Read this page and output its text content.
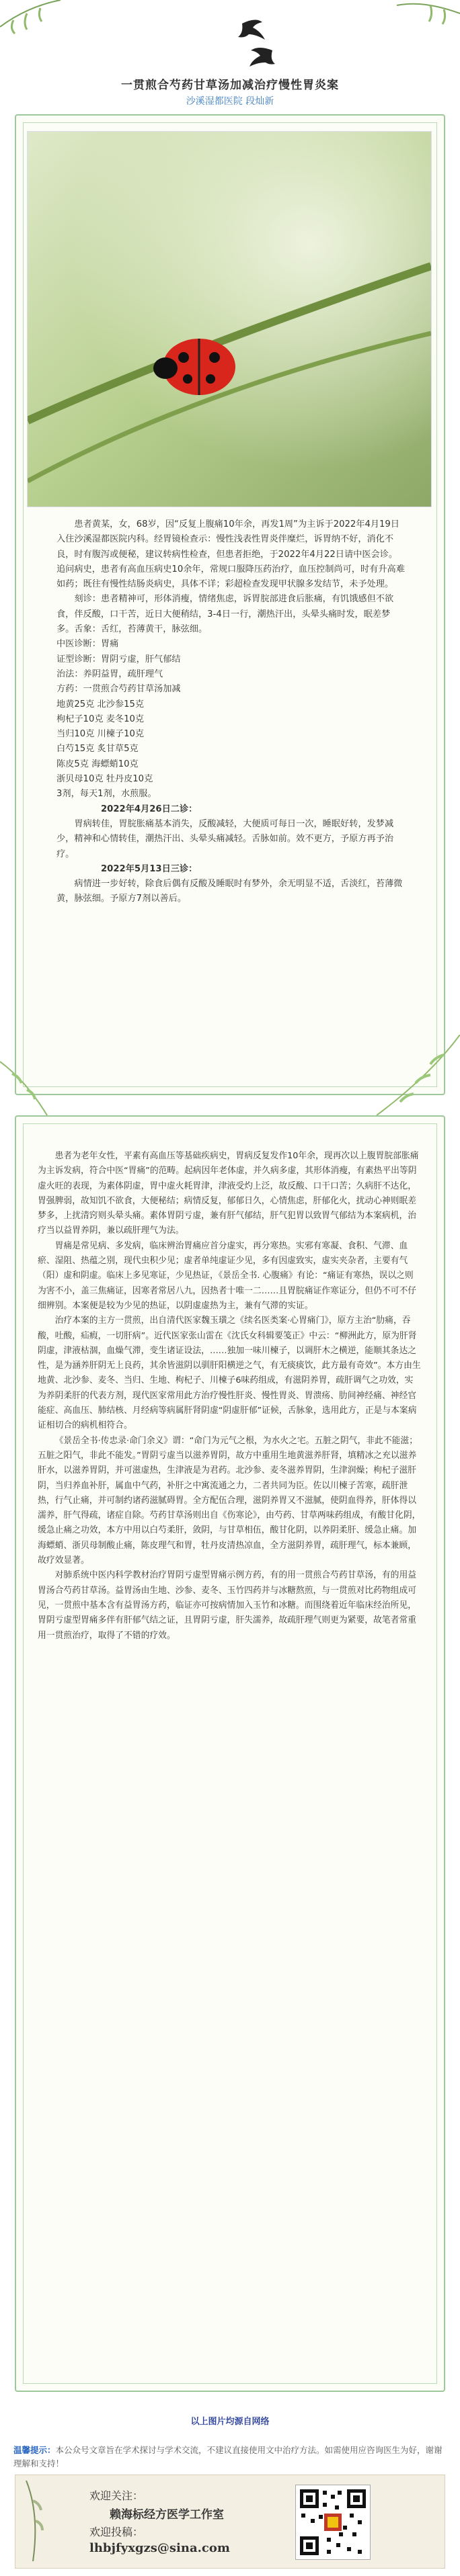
一贯煎合芍药甘草汤加减治疗慢性胃炎案
沙溪湿都医院 段灿新

患者黄某，女，68岁，因“反复上腹痛10年余，再发1周”为主诉于2022年4月19日入住沙溪湿都医院内科。经胃镜检查示：慢性浅表性胃炎伴糜烂，诉胃纳不好，消化不良，时有腹泻或便秘，建议转病性检查，但患者拒绝，于2022年4月22日请中医会诊。追问病史，患者有高血压病史10余年，常规口服降压药治疗，血压控制尚可，时有升高难如药；既往有慢性结肠炎病史，具体不详；彩超检查发现甲状腺多发结节，未予处理。

刻诊：患者精神可，形体消瘦，情绪焦虑，诉胃脘部进食后胀痛，有饥饿感但不欲食，伴反酸，口干苦，近日大便稍结，3-4日一行，潮热汗出，头晕头痛时发，眠差梦多。舌象：舌红，苔薄黄干，脉弦细。

中医诊断：胃痛

证型诊断：胃阴亏虚，肝气郁结

治法：养阴益胃，疏肝理气

方药：一贯煎合芍药甘草汤加减

地黄25克 北沙参15克

枸杞子10克 麦冬10克

当归10克 川楝子10克

白芍15克 炙甘草5克

陈皮5克 海螵蛸10克

浙贝母10克 牡丹皮10克

3剂，每天1剂，水煎服。

2022年4月26日二诊：

胃病转佳，胃脘胀痛基本消失，反酸减轻，大便质可每日一次，睡眠好转，发梦减少，精神和心情转佳，潮热汗出、头晕头痛减轻。舌脉如前。效不更方，予原方再予治疗。

2022年5月13日三诊：

病情进一步好转，除食后偶有反酸及睡眠时有梦外，余无明显不适，舌淡红，苔薄微黄，脉弦细。予原方7剂以善后。

患者为老年女性，平素有高血压等基础疾病史，胃病反复发作10年余，现再次以上腹胃脘部胀痛为主诉发病，符合中医“胃痛”的范畴。起病因年老体虚，并久病多虚，其形体消瘦，有素热平出等阴虚火旺的表现，为素体阴虚，胃中虚火耗胃津，津液受灼上泛，故反酸、口干口苦；久病肝不达化，胃强脾弱，故知饥不欲食，大便秘结；病情反复，郁郁日久，心情焦虑，肝郁化火，扰动心神则眠差梦多，上扰清窍则头晕头痛。素体胃阴亏虚，兼有肝气郁结，肝气犯胃以致胃气郁结为本案病机，治疗当以益胃养阴，兼以疏肝理气为法。

胃痛是常见病、多发病，临床辨治胃痛应首分虚实，再分寒热。实邪有寒凝、食积、气滞、血瘀、湿阻、热蕴之别，现代虫积少见；虚者单纯虚证少见，多有因虚致实，虚实夹杂者，主要有气（阳）虚和阴虚。临床上多见寒证，少见热证，《景岳全书. 心腹痛》有论：“痛证有寒热，误以之则为害不小，盖三焦痛证，因寒者常居八九，因热者十唯一二……且胃脘痛证作寒证分，但仍不可不仔细辨别。本案便是较为少见的热证，以阴虚虚热为主，兼有气滞的实证。

治疗本案的主方一贯煎，出自清代医家魏玉璜之《续名医类案·心胃痛门》，原方主治“肋痛，吞酸，吐酸，疝瘕，一切肝病”。近代医家张山雷在《沈氏女科辑要笺正》中云：“柳洲此方，原为肝肾阴虚，津液枯涸，血燥气滞，变生诸证设法，……独加一味川楝子，以调肝木之横逆，能顺其条达之性，是为涵养肝阴无上良药，其余皆滋阴以驯肝阳横逆之气，有无痰痰饮，此方最有奇效”。本方由生地黄、北沙参、麦冬、当归、生地、枸杞子、川楝子6味药组成，有滋阴养胃，疏肝调气之功效，实为养阴柔肝的代表方剂，现代医家常用此方治疗慢性肝炎、慢性胃炎、胃溃疡、肋间神经痛、神经官能症、高血压、肺结核、月经病等病属肝肾阴虚“阴虚肝郁”证候，舌脉象，选用此方，正是与本案病证相切合的病机相符合。

《景岳全书·传忠录·命门余义》谓：“命门为元气之根，为水火之宅。五脏之阴气，非此不能滋；五脏之阳气，非此不能发。”胃阴亏虚当以滋养胃阴，故方中重用生地黄滋养肝肾，填精冰之充以滋养肝水，以滋养胃阴，并可滋虚热，生津液是为君药。北沙参、麦冬滋养胃阴，生津润燥；枸杞子滋肝阴，当归养血补肝，属血中气药，补肝之中寓流通之力，二者共同为臣。佐以川楝子苦寒，疏肝泄热，行气止痛，并可制约诸药滋腻碍胃。全方配伍合理，滋阴养胃又不滋腻，使阴血得养，肝体得以濡养，肝气得疏，诸症自除。芍药甘草汤则出自《伤寒论》，由芍药、甘草两味药组成，有酸甘化阴，缓急止痛之功效，本方中用以白芍柔肝，敛阴，与甘草相伍，酸甘化阴，以养阴柔肝、缓急止痛。加海螵蛸、浙贝母制酸止痛，陈皮理气和胃，牡丹皮清热凉血，全方滋阴养胃，疏肝理气，标本兼顾，故疗效显著。

对肺系统中医内科学教材治疗胃阴亏虚型胃痛示例方药，有的用一贯煎合芍药甘草汤，有的用益胃汤合芍药甘草汤。益胃汤由生地、沙参、麦冬、玉竹四药并与冰糖熬煎，与一贯煎对比药物组成可见，一贯煎中基本含有益胃汤方药，临证亦可按病情加入玉竹和冰糖。而围绕着近年临床经治所见，胃阴亏虚型胃痛多伴有肝郁气结之证，且胃阴亏虚，肝失濡养，故疏肝理气则更为紧要，故笔者常重用一贯煎治疗，取得了不错的疗效。

以上图片均源自网络
温馨提示：本公众号文章旨在学术探讨与学术交流，不建议直接使用文中治疗方法。如需使用应咨询医生为好，谢谢理解和支持！
欢迎关注：
赖海标经方医学工作室
欢迎投稿：
lhbjfyxgzs@sina.com
